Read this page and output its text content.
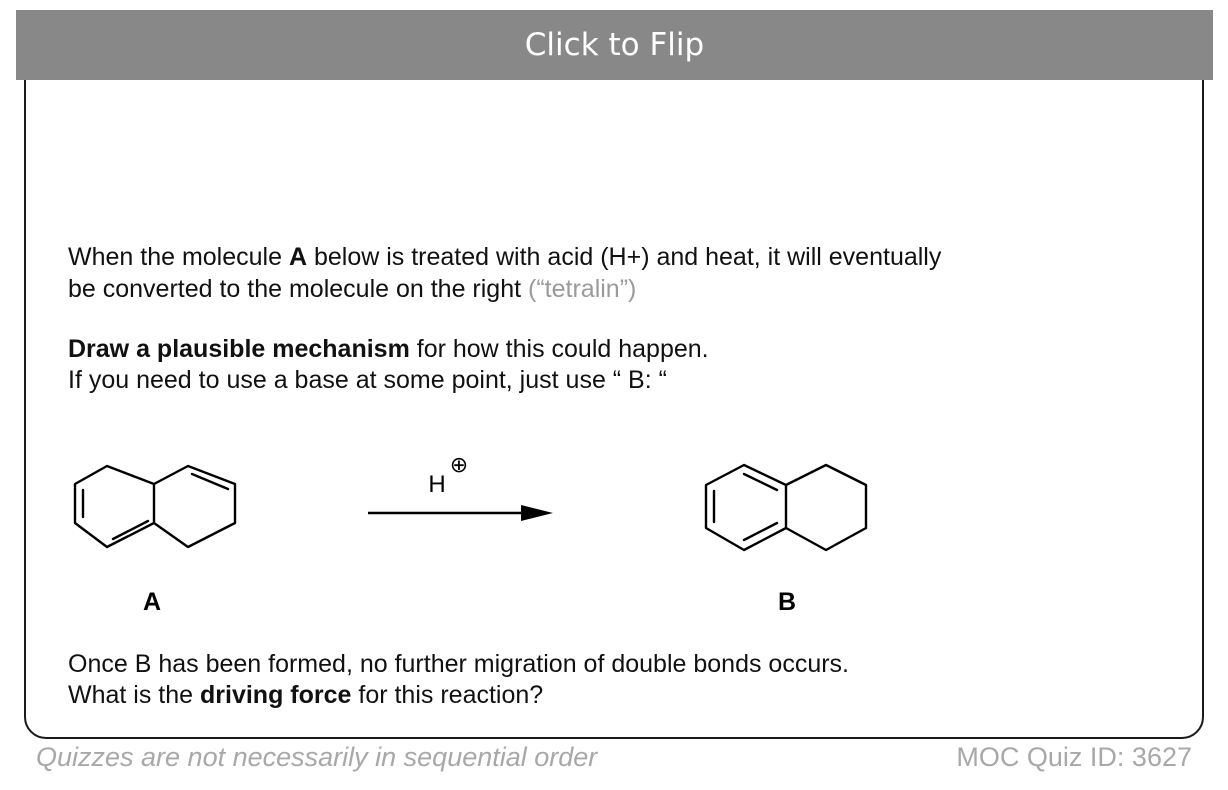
Click to Flip
When the molecule A below is treated with acid (H+) and heat, it will eventually
be converted to the molecule on the right (“tetralin”)
Draw a plausible mechanism for how this could happen.
If you need to use a base at some point, just use “ B: “
A
H
⊕
B
Once B has been formed, no further migration of double bonds occurs.
What is the driving force for this reaction?
Quizzes are not necessarily in sequential order	MOC Quiz ID: 3627
